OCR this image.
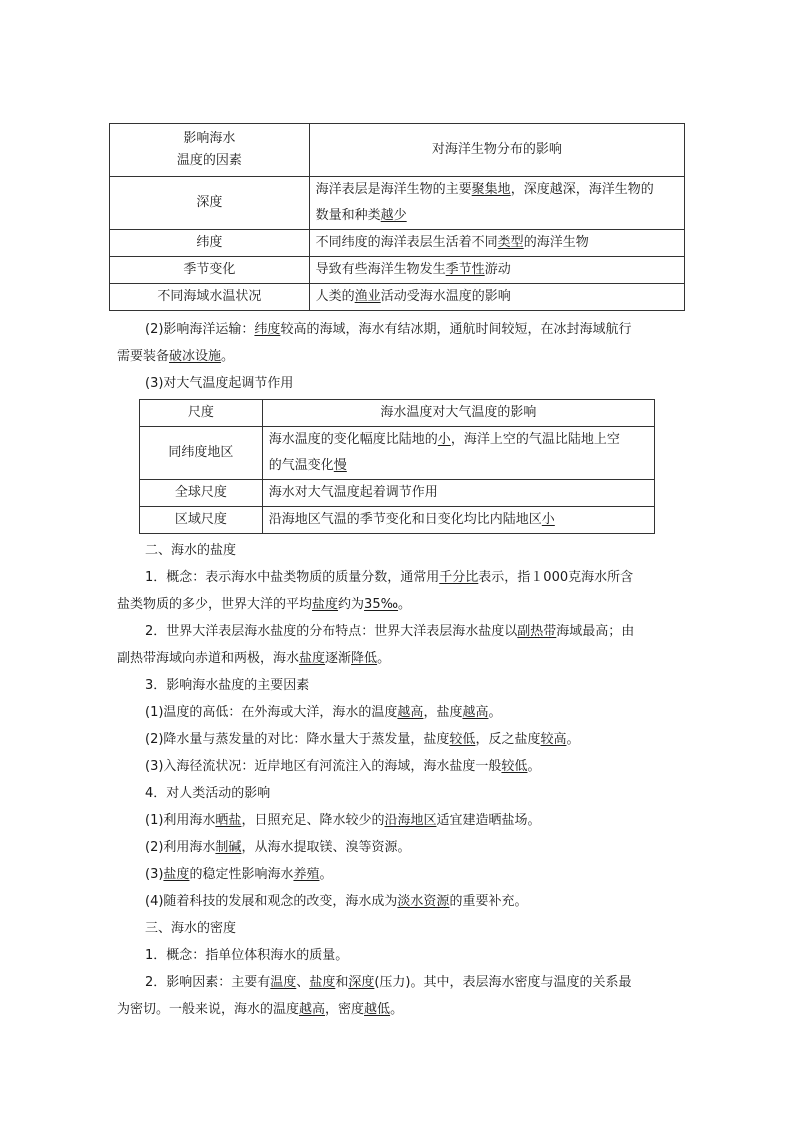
影响海水
温度的因素	对海洋生物分布的影响
深度	海洋表层是海洋生物的主要聚集地，深度越深，海洋生物的
数量和种类越少
纬度	不同纬度的海洋表层生活着不同类型的海洋生物
季节变化	导致有些海洋生物发生季节性游动
不同海域水温状况	人类的渔业活动受海水温度的影响
(2)影响海洋运输：纬度较高的海域，海水有结冰期，通航时间较短，在冰封海域航行
需要装备破冰设施。
(3)对大气温度起调节作用
尺度	海水温度对大气温度的影响
同纬度地区	海水温度的变化幅度比陆地的小，海洋上空的气温比陆地上空
的气温变化慢
全球尺度	海水对大气温度起着调节作用
区域尺度	沿海地区气温的季节变化和日变化均比内陆地区小
二、海水的盐度
1．概念：表示海水中盐类物质的质量分数，通常用千分比表示，指１000克海水所含
盐类物质的多少，世界大洋的平均盐度约为35‰。
2．世界大洋表层海水盐度的分布特点：世界大洋表层海水盐度以副热带海域最高；由
副热带海域向赤道和两极，海水盐度逐渐降低。
3．影响海水盐度的主要因素
(1)温度的高低：在外海或大洋，海水的温度越高，盐度越高。
(2)降水量与蒸发量的对比：降水量大于蒸发量，盐度较低，反之盐度较高。
(3)入海径流状况：近岸地区有河流注入的海域，海水盐度一般较低。
4．对人类活动的影响
(1)利用海水晒盐，日照充足、降水较少的沿海地区适宜建造晒盐场。
(2)利用海水制碱，从海水提取镁、溴等资源。
(3)盐度的稳定性影响海水养殖。
(4)随着科技的发展和观念的改变，海水成为淡水资源的重要补充。
三、海水的密度
1．概念：指单位体积海水的质量。
2．影响因素：主要有温度、盐度和深度(压力)。其中，表层海水密度与温度的关系最
为密切。一般来说，海水的温度越高，密度越低。
